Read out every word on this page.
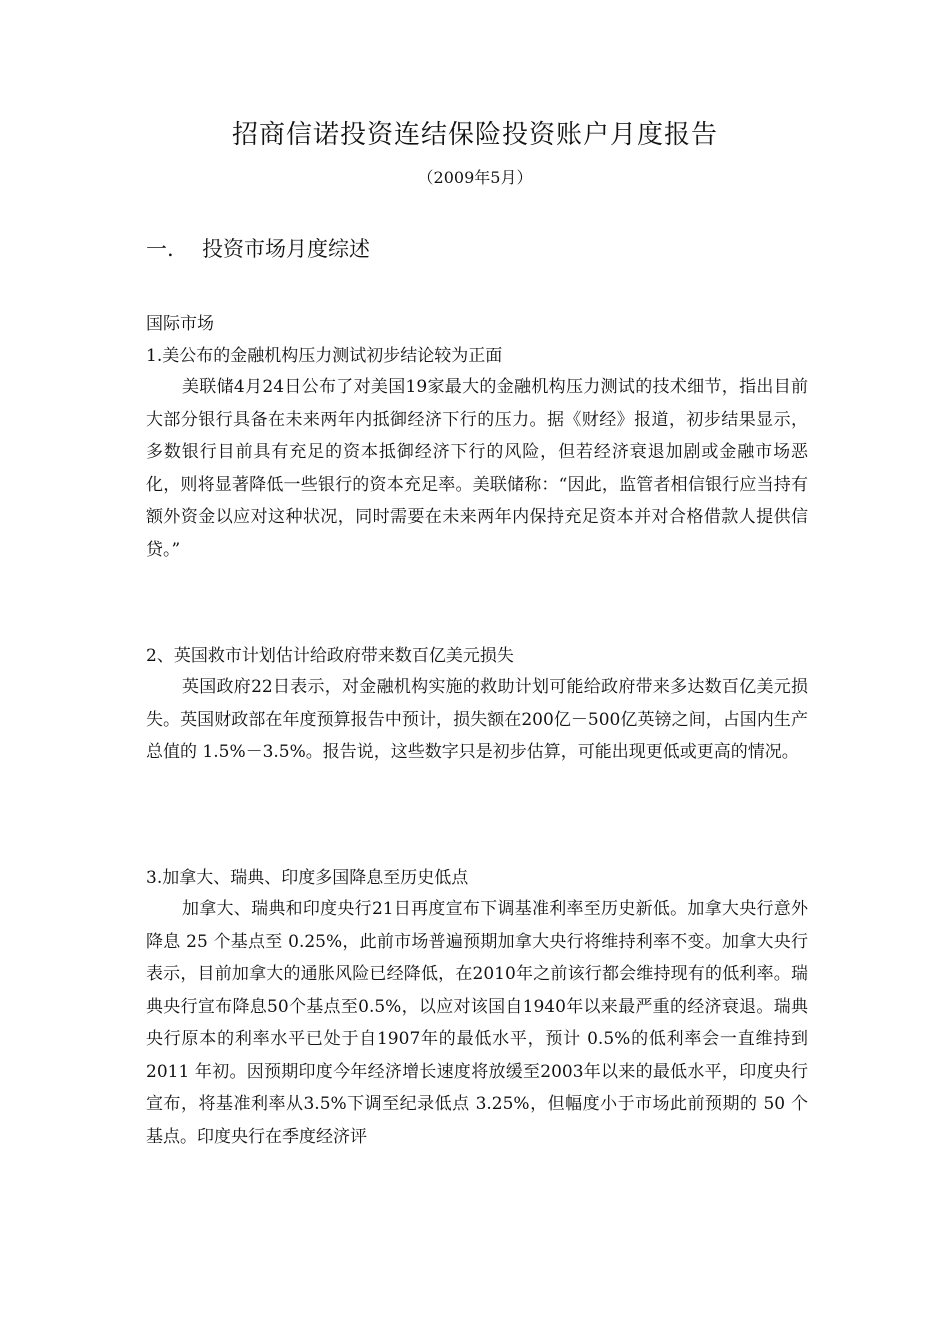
招商信诺投资连结保险投资账户月度报告
（2009年5月）
一. 投资市场月度综述
国际市场
1.美公布的金融机构压力测试初步结论较为正面
美联储4月24日公布了对美国19家最大的金融机构压力测试的技术细节，指出目前大部分银行具备在未来两年内抵御经济下行的压力。据《财经》报道，初步结果显示，多数银行目前具有充足的资本抵御经济下行的风险，但若经济衰退加剧或金融市场恶化，则将显著降低一些银行的资本充足率。美联储称：“因此，监管者相信银行应当持有额外资金以应对这种状况，同时需要在未来两年内保持充足资本并对合格借款人提供信贷。”
2、英国救市计划估计给政府带来数百亿美元损失
英国政府22日表示，对金融机构实施的救助计划可能给政府带来多达数百亿美元损失。英国财政部在年度预算报告中预计，损失额在200亿－500亿英镑之间，占国内生产总值的 1.5%－3.5%。报告说，这些数字只是初步估算，可能出现更低或更高的情况。
3.加拿大、瑞典、印度多国降息至历史低点
加拿大、瑞典和印度央行21日再度宣布下调基准利率至历史新低。加拿大央行意外降息 25 个基点至 0.25%，此前市场普遍预期加拿大央行将维持利率不变。加拿大央行表示，目前加拿大的通胀风险已经降低，在2010年之前该行都会维持现有的低利率。瑞典央行宣布降息50个基点至0.5%，以应对该国自1940年以来最严重的经济衰退。瑞典央行原本的利率水平已处于自1907年的最低水平，预计 0.5%的低利率会一直维持到 2011 年初。因预期印度今年经济增长速度将放缓至2003年以来的最低水平，印度央行宣布，将基准利率从3.5%下调至纪录低点 3.25%，但幅度小于市场此前预期的 50 个基点。印度央行在季度经济评
